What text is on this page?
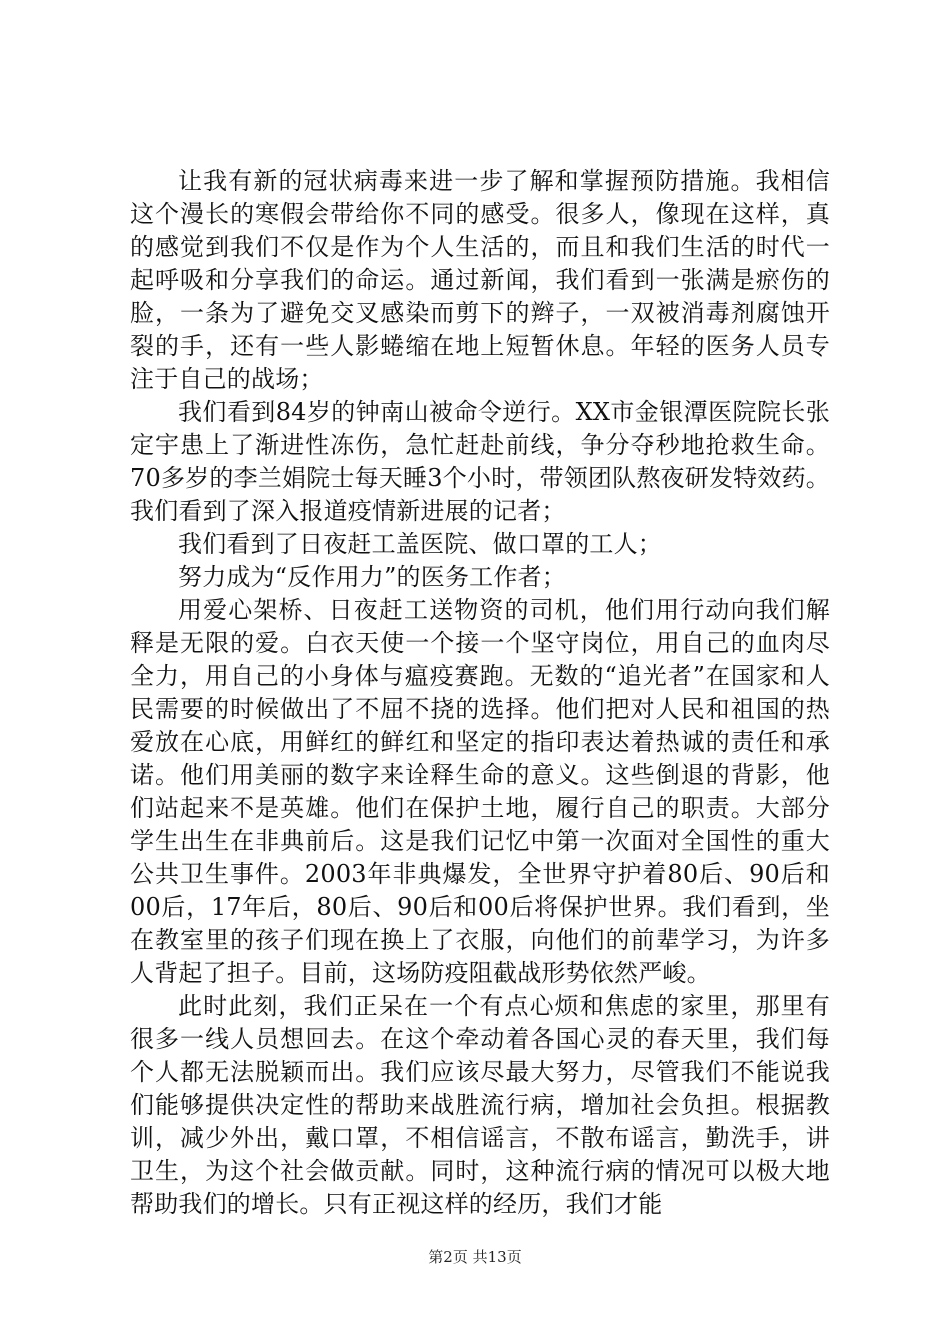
让我有新的冠状病毒来进一步了解和掌握预防措施。我相信这个漫长的寒假会带给你不同的感受。很多人，像现在这样，真的感觉到我们不仅是作为个人生活的，而且和我们生活的时代一起呼吸和分享我们的命运。通过新闻，我们看到一张满是瘀伤的脸，一条为了避免交叉感染而剪下的辫子，一双被消毒剂腐蚀开裂的手，还有一些人影蜷缩在地上短暂休息。年轻的医务人员专注于自己的战场；

我们看到84岁的钟南山被命令逆行。XX市金银潭医院院长张定宇患上了渐进性冻伤，急忙赶赴前线，争分夺秒地抢救生命。70多岁的李兰娟院士每天睡3个小时，带领团队熬夜研发特效药。我们看到了深入报道疫情新进展的记者；

我们看到了日夜赶工盖医院、做口罩的工人；

努力成为“反作用力”的医务工作者；

用爱心架桥、日夜赶工送物资的司机，他们用行动向我们解释是无限的爱。白衣天使一个接一个坚守岗位，用自己的血肉尽全力，用自己的小身体与瘟疫赛跑。无数的“追光者”在国家和人民需要的时候做出了不屈不挠的选择。他们把对人民和祖国的热爱放在心底，用鲜红的鲜红和坚定的指印表达着热诚的责任和承诺。他们用美丽的数字来诠释生命的意义。这些倒退的背影，他们站起来不是英雄。他们在保护土地，履行自己的职责。大部分学生出生在非典前后。这是我们记忆中第一次面对全国性的重大公共卫生事件。2003年非典爆发，全世界守护着80后、90后和00后，17年后，80后、90后和00后将保护世界。我们看到，坐在教室里的孩子们现在换上了衣服，向他们的前辈学习，为许多人背起了担子。目前，这场防疫阻截战形势依然严峻。

此时此刻，我们正呆在一个有点心烦和焦虑的家里，那里有很多一线人员想回去。在这个牵动着各国心灵的春天里，我们每个人都无法脱颖而出。我们应该尽最大努力，尽管我们不能说我们能够提供决定性的帮助来战胜流行病，增加社会负担。根据教训，减少外出，戴口罩，不相信谣言，不散布谣言，勤洗手，讲卫生，为这个社会做贡献。同时，这种流行病的情况可以极大地帮助我们的增长。只有正视这样的经历，我们才能

第2页 共13页
